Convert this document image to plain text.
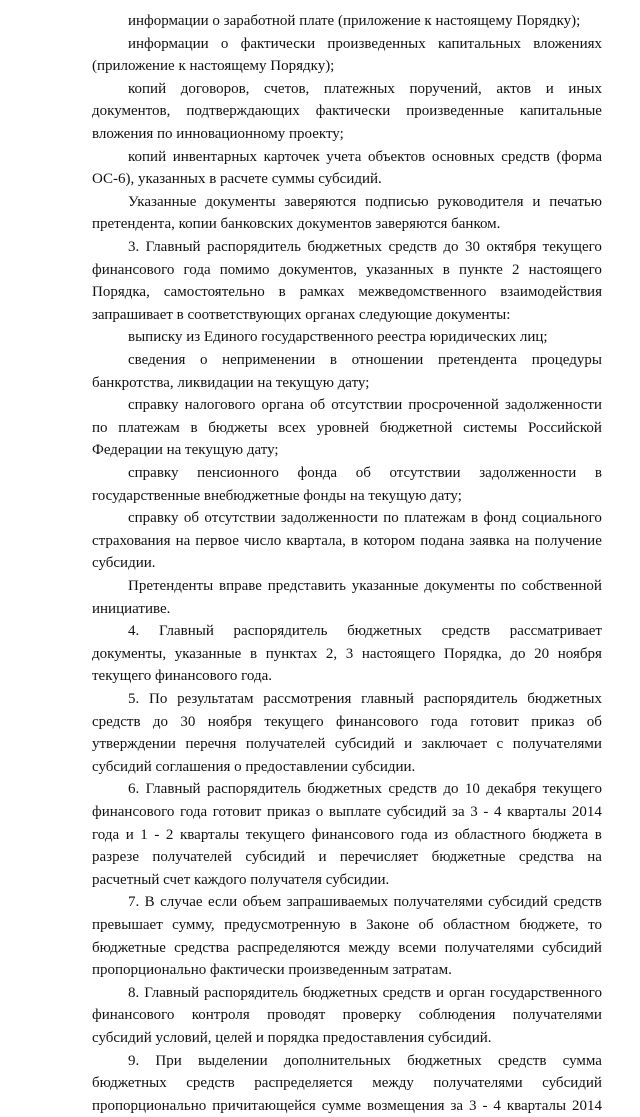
информации о заработной плате (приложение к настоящему Порядку);
информации о фактически произведенных капитальных вложениях
(приложение к настоящему Порядку);
копий договоров, счетов, платежных поручений, актов и иных
документов, подтверждающих фактически произведенные капитальные
вложения по инновационному проекту;
копий инвентарных карточек учета объектов основных средств (форма
ОС-6), указанных в расчете суммы субсидий.
Указанные документы заверяются подписью руководителя и печатью
претендента, копии банковских документов заверяются банком.
3. Главный распорядитель бюджетных средств до 30 октября текущего
финансового года помимо документов, указанных в пункте 2 настоящего
Порядка, самостоятельно в рамках межведомственного взаимодействия
запрашивает в соответствующих органах следующие документы:
выписку из Единого государственного реестра юридических лиц;
сведения о неприменении в отношении претендента процедуры
банкротства, ликвидации на текущую дату;
справку налогового органа об отсутствии просроченной задолженности
по платежам в бюджеты всех уровней бюджетной системы Российской
Федерации на текущую дату;
справку пенсионного фонда об отсутствии задолженности в
государственные внебюджетные фонды на текущую дату;
справку об отсутствии задолженности по платежам в фонд социального
страхования на первое число квартала, в котором подана заявка на получение
субсидии.
Претенденты вправе представить указанные документы по собственной
инициативе.
4. Главный распорядитель бюджетных средств рассматривает
документы, указанные в пунктах 2, 3 настоящего Порядка, до 20 ноября
текущего финансового года.
5. По результатам рассмотрения главный распорядитель бюджетных
средств до 30 ноября текущего финансового года готовит приказ об
утверждении перечня получателей субсидий и заключает с получателями
субсидий соглашения о предоставлении субсидии.
6. Главный распорядитель бюджетных средств до 10 декабря текущего
финансового года готовит приказ о выплате субсидий за 3 - 4 кварталы 2014
года и 1 - 2 кварталы текущего финансового года из областного бюджета в
разрезе получателей субсидий и перечисляет бюджетные средства на
расчетный счет каждого получателя субсидии.
7. В случае если объем запрашиваемых получателями субсидий средств
превышает сумму, предусмотренную в Законе об областном бюджете, то
бюджетные средства распределяются между всеми получателями субсидий
пропорционально фактически произведенным затратам.
8. Главный распорядитель бюджетных средств и орган государственного
финансового контроля проводят проверку соблюдения получателями
субсидий условий, целей и порядка предоставления субсидий.
9. При выделении дополнительных бюджетных средств сумма
бюджетных средств распределяется между получателями субсидий
пропорционально причитающейся сумме возмещения за 3 - 4 кварталы 2014
